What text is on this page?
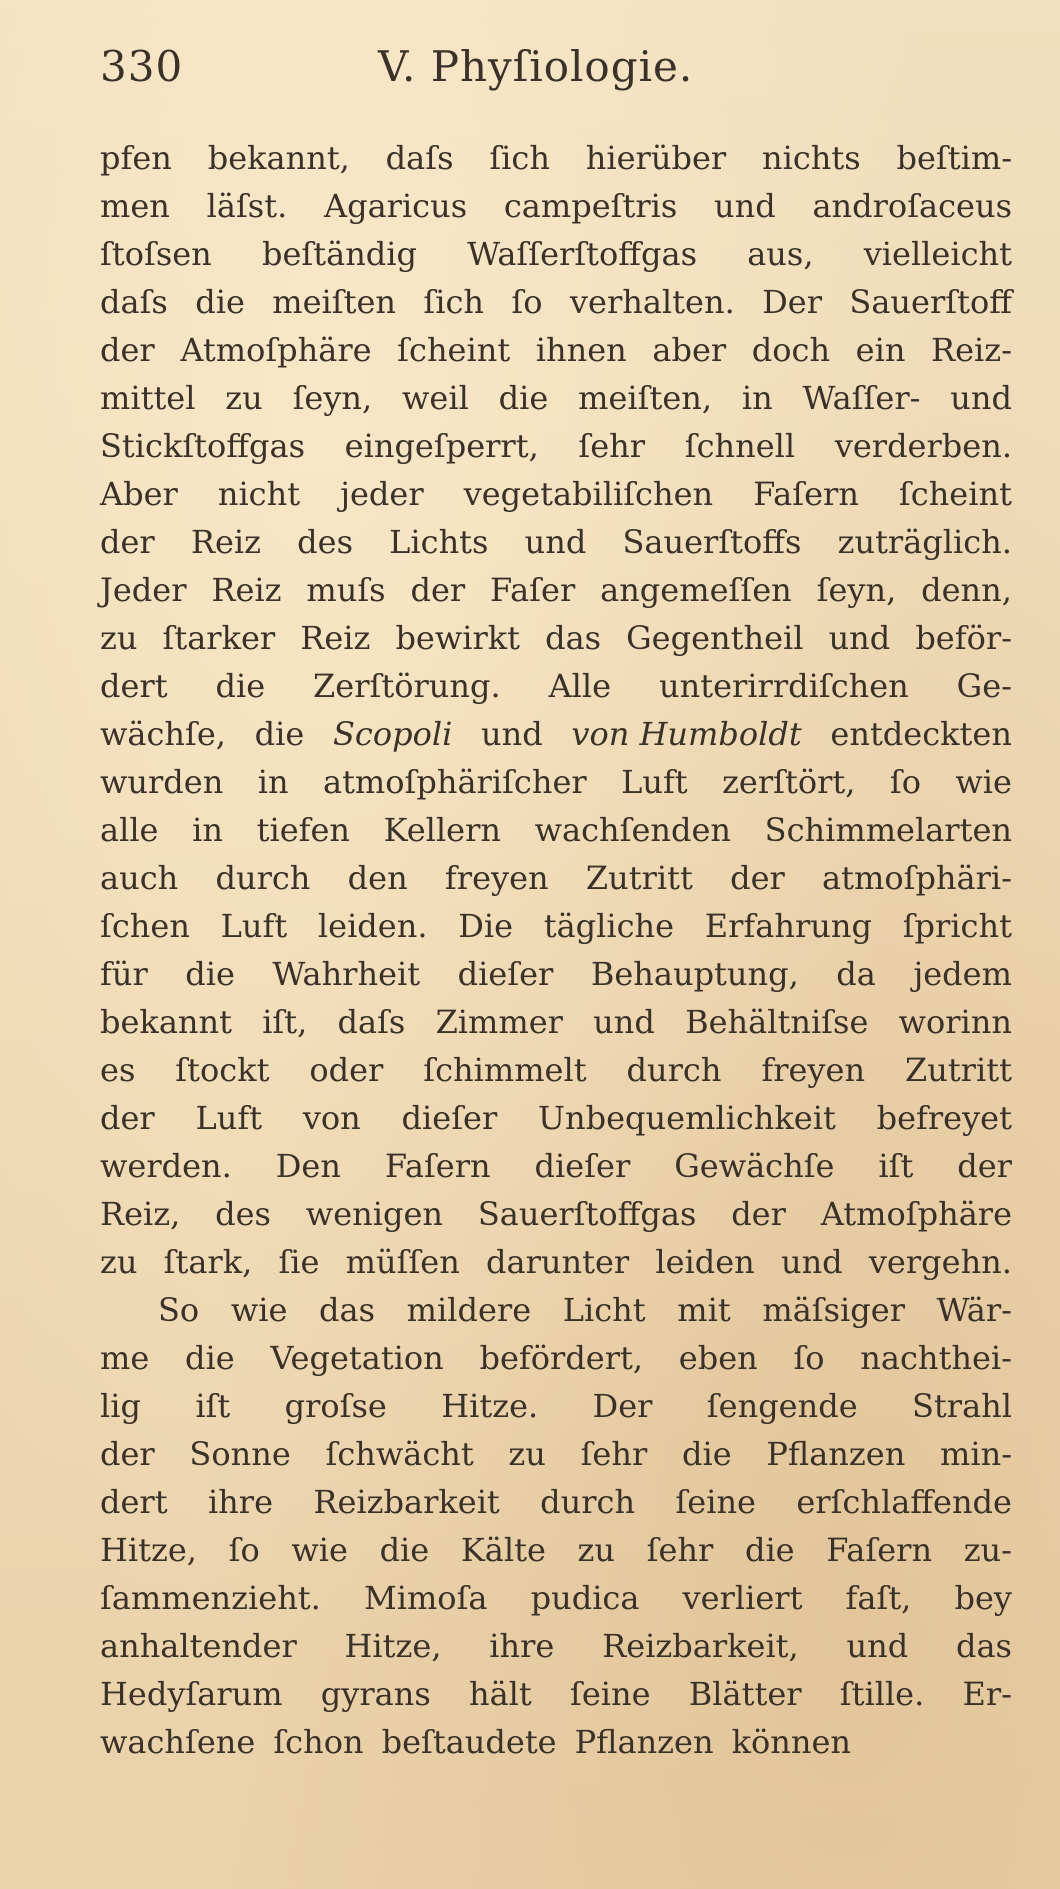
330	V. Phyſiologie.
pfen bekannt, daſs ſich hierüber nichts beſtim-
men läſst. Agaricus campeſtris und androſaceus
ſtoſsen beſtändig Waſſerſtoffgas aus, vielleicht
daſs die meiſten ſich ſo verhalten. Der Sauerſtoff
der Atmoſphäre ſcheint ihnen aber doch ein Reiz-
mittel zu ſeyn, weil die meiſten, in Waſſer- und
Stickſtoffgas eingeſperrt, ſehr ſchnell verderben.
Aber nicht jeder vegetabiliſchen Faſern ſcheint
der Reiz des Lichts und Sauerſtoffs zuträglich.
Jeder Reiz muſs der Faſer angemeſſen ſeyn, denn,
zu ſtarker Reiz bewirkt das Gegentheil und beför-
dert die Zerſtörung. Alle unterirrdiſchen Ge-
wächſe, die Scopoli und von Humboldt entdeckten
wurden in atmoſphäriſcher Luft zerſtört, ſo wie
alle in tiefen Kellern wachſenden Schimmelarten
auch durch den freyen Zutritt der atmoſphäri-
ſchen Luft leiden. Die tägliche Erfahrung ſpricht
für die Wahrheit dieſer Behauptung, da jedem
bekannt iſt, daſs Zimmer und Behältniſse worinn
es ſtockt oder ſchimmelt durch freyen Zutritt
der Luft von dieſer Unbequemlichkeit befreyet
werden. Den Faſern dieſer Gewächſe iſt der
Reiz, des wenigen Sauerſtoffgas der Atmoſphäre
zu ſtark, ſie müſſen darunter leiden und vergehn.
So wie das mildere Licht mit mäſsiger Wär-
me die Vegetation befördert, eben ſo nachthei-
lig iſt groſse Hitze. Der ſengende Strahl
der Sonne ſchwächt zu ſehr die Pflanzen min-
dert ihre Reizbarkeit durch ſeine erſchlaffende
Hitze, ſo wie die Kälte zu ſehr die Faſern zu-
ſammenzieht. Mimoſa pudica verliert faſt, bey
anhaltender Hitze, ihre Reizbarkeit, und das
Hedyſarum gyrans hält ſeine Blätter ſtille. Er-
wachſene ſchon beſtaudete Pflanzen können
